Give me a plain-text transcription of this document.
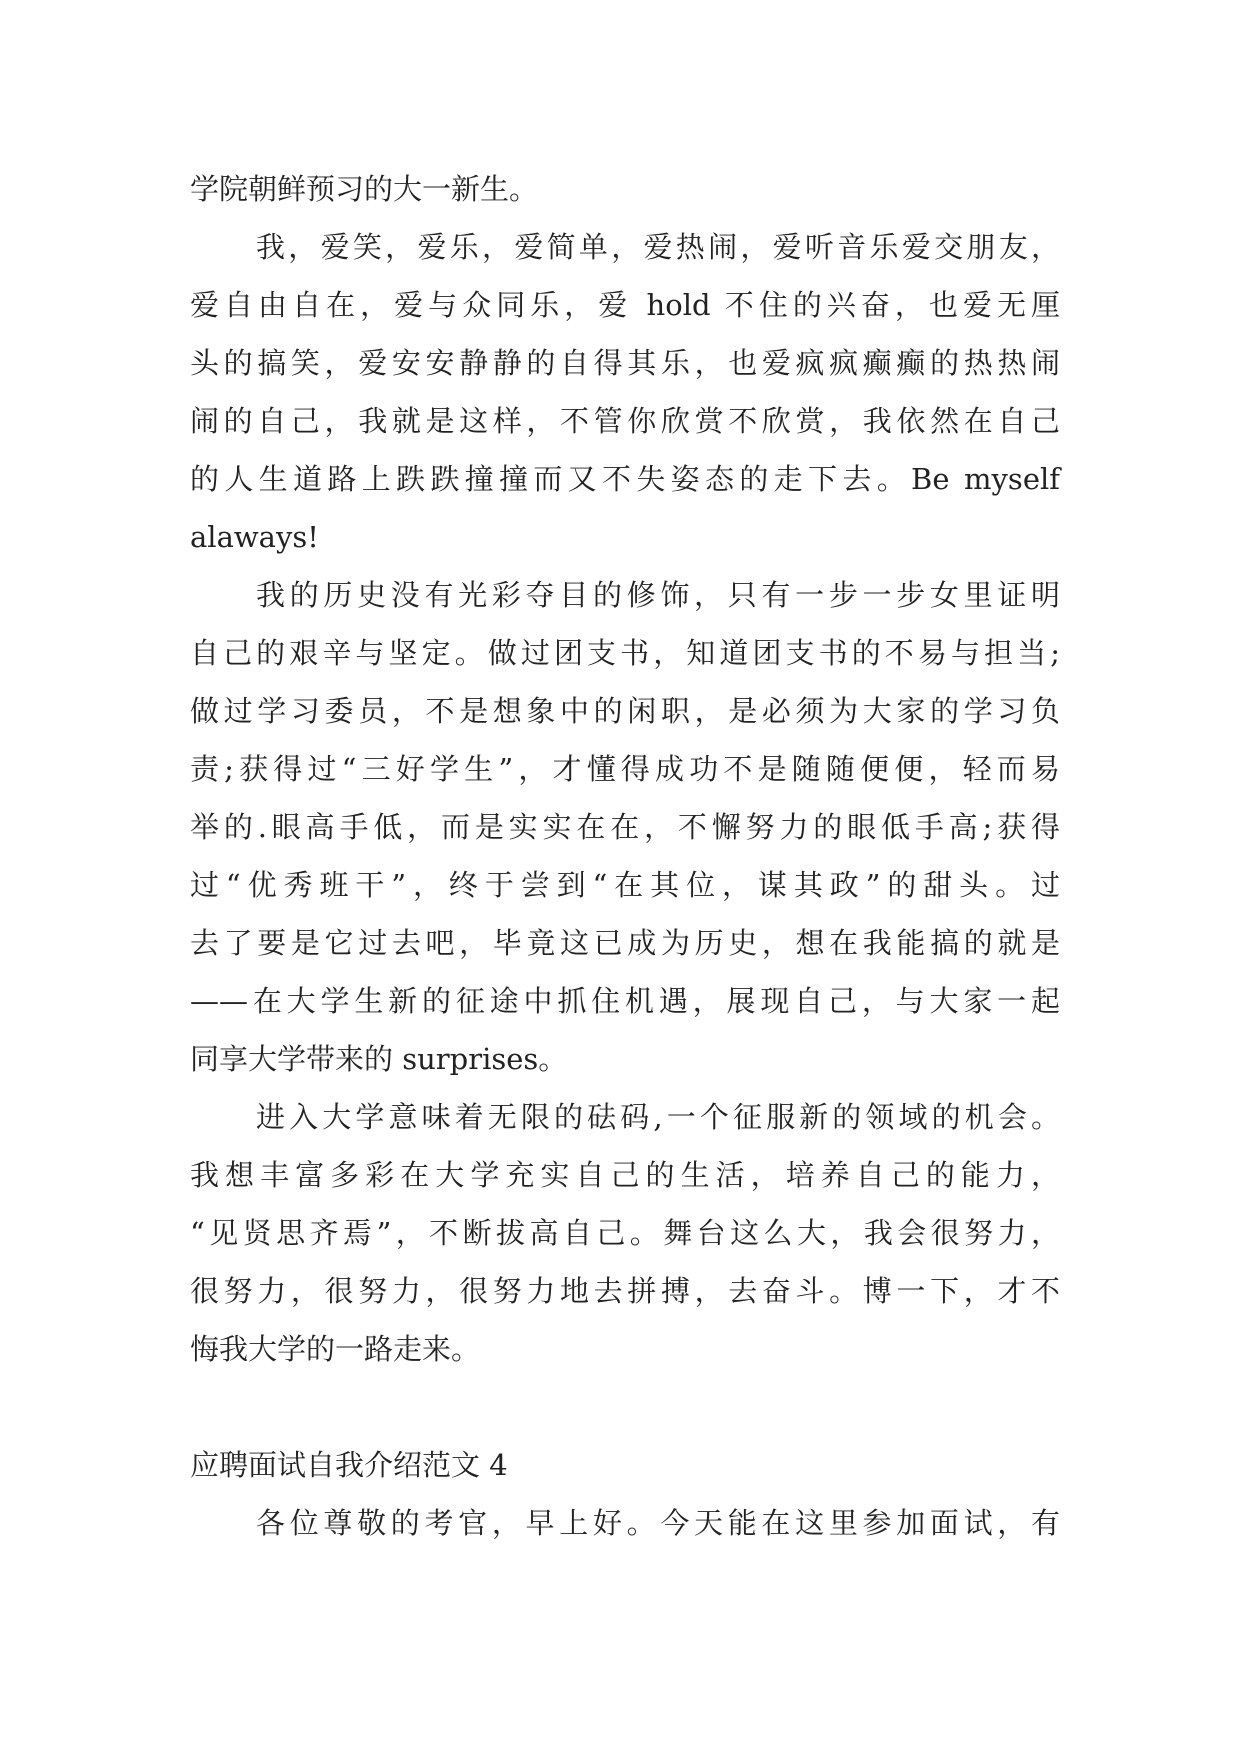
学院朝鲜预习的大一新生。
我，爱笑，爱乐，爱简单，爱热闹，爱听音乐爱交朋友，
爱自由自在，爱与众同乐，爱 hold 不住的兴奋，也爱无厘
头的搞笑，爱安安静静的自得其乐，也爱疯疯癫癫的热热闹
闹的自己，我就是这样，不管你欣赏不欣赏，我依然在自己
的人生道路上跌跌撞撞而又不失姿态的走下去。Be myself
alaways!
我的历史没有光彩夺目的修饰，只有一步一步女里证明
自己的艰辛与坚定。做过团支书，知道团支书的不易与担当;
做过学习委员，不是想象中的闲职，是必须为大家的学习负
责;获得过“三好学生”，才懂得成功不是随随便便，轻而易
举的.眼高手低，而是实实在在，不懈努力的眼低手高;获得
过“优秀班干”，终于尝到“在其位，谋其政”的甜头。过
去了要是它过去吧，毕竟这已成为历史，想在我能搞的就是
——在大学生新的征途中抓住机遇，展现自己，与大家一起
同享大学带来的 surprises。
进入大学意味着无限的砝码,一个征服新的领域的机会。
我想丰富多彩在大学充实自己的生活，培养自己的能力，
“见贤思齐焉”，不断拔高自己。舞台这么大，我会很努力，
很努力，很努力，很努力地去拼搏，去奋斗。博一下，才不
悔我大学的一路走来。
应聘面试自我介绍范文 4
各位尊敬的考官，早上好。今天能在这里参加面试，有
